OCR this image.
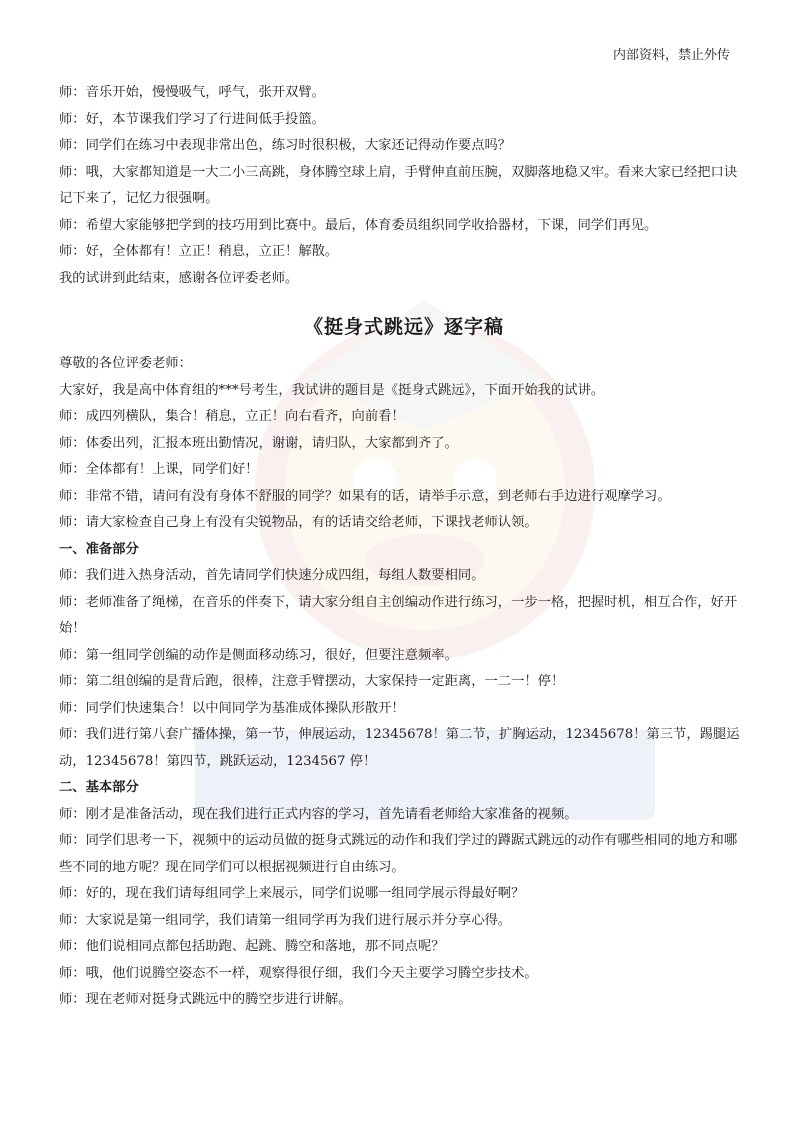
内部资料，禁止外传

师：音乐开始，慢慢吸气，呼气，张开双臂。

师：好，本节课我们学习了行进间低手投篮。

师：同学们在练习中表现非常出色，练习时很积极，大家还记得动作要点吗？

师：哦，大家都知道是一大二小三高跳，身体腾空球上肩，手臂伸直前压腕，双脚落地稳又牢。看来大家已经把口诀记下来了，记忆力很强啊。

师：希望大家能够把学到的技巧用到比赛中。最后，体育委员组织同学收拾器材，下课，同学们再见。

师：好，全体都有！立正！稍息，立正！解散。

我的试讲到此结束，感谢各位评委老师。

《挺身式跳远》逐字稿

尊敬的各位评委老师：

大家好，我是高中体育组的***号考生，我试讲的题目是《挺身式跳远》，下面开始我的试讲。

师：成四列横队，集合！稍息，立正！向右看齐，向前看！

师：体委出列，汇报本班出勤情况，谢谢，请归队，大家都到齐了。

师：全体都有！上课，同学们好！

师：非常不错，请问有没有身体不舒服的同学？如果有的话，请举手示意，到老师右手边进行观摩学习。

师：请大家检查自己身上有没有尖锐物品，有的话请交给老师，下课找老师认领。

一、准备部分

师：我们进入热身活动，首先请同学们快速分成四组，每组人数要相同。

师：老师准备了绳梯，在音乐的伴奏下，请大家分组自主创编动作进行练习，一步一格，把握时机，相互合作，好开始！

师：第一组同学创编的动作是侧面移动练习，很好，但要注意频率。

师：第二组创编的是背后跑，很棒，注意手臂摆动，大家保持一定距离，一二一！停！

师：同学们快速集合！以中间同学为基准成体操队形散开！

师：我们进行第八套广播体操，第一节，伸展运动，12345678！第二节，扩胸运动，12345678！第三节，踢腿运动，12345678！第四节，跳跃运动，1234567 停！

二、基本部分

师：刚才是准备活动，现在我们进行正式内容的学习，首先请看老师给大家准备的视频。

师：同学们思考一下，视频中的运动员做的挺身式跳远的动作和我们学过的蹲踞式跳远的动作有哪些相同的地方和哪些不同的地方呢？现在同学们可以根据视频进行自由练习。

师：好的，现在我们请每组同学上来展示，同学们说哪一组同学展示得最好啊？

师：大家说是第一组同学，我们请第一组同学再为我们进行展示并分享心得。

师：他们说相同点都包括助跑、起跳、腾空和落地，那不同点呢？

师：哦，他们说腾空姿态不一样，观察得很仔细，我们今天主要学习腾空步技术。

师：现在老师对挺身式跳远中的腾空步进行讲解。
